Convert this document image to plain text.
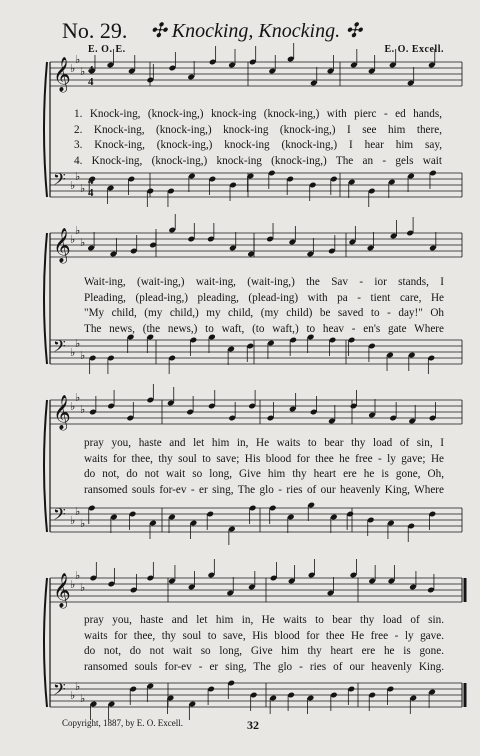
No. 29. ✣ Knocking, Knocking. ✣
E. O. E.	E. O. Excell.
𝄞 ♭
♭
♭
𝄢 ♭
♭
♭
4
4
4
4
𝄞 ♭
♭
♭
𝄢 ♭
♭
♭
𝄞 ♭
♭
♭
𝄢 ♭
♭
♭
𝄞 ♭
♭
♭
𝄢 ♭
♭
♭
1. Knock-ing, (knock-ing,) knock-ing (knock-ing,) with pierc - ed hands,
2. Knock-ing, (knock-ing,) knock-ing (knock-ing,) I see him there,
3. Knock-ing, (knock-ing,) knock-ing (knock-ing,) I hear him say,
4. Knock-ing, (knock-ing,) knock-ing (knock-ing,) The an - gels wait
Wait-ing, (wait-ing,) wait-ing, (wait-ing,) the Sav - ior stands, I
Pleading, (plead-ing,) pleading, (plead-ing) with pa - tient care, He
"My child, (my child,) my child, (my child) be saved to - day!" Oh
The news, (the news,) to waft, (to waft,) to heav - en's gate Where
pray you, haste and let him in, He waits to bear thy load of sin, I
waits for thee, thy soul to save; His blood for thee he free - ly gave; He
do not, do not wait so long, Give him thy heart ere he is gone, Oh,
ransomed souls for-ev - er sing, The glo - ries of our heavenly King, Where
pray you, haste and let him in, He waits to bear thy load of sin.
waits for thee, thy soul to save, His blood for thee He free - ly gave.
do not, do not wait so long, Give him thy heart ere he is gone.
ransomed souls for-ev - er sing, The glo - ries of our heavenly King.
Copyright, 1887, by E. O. Excell.	32
